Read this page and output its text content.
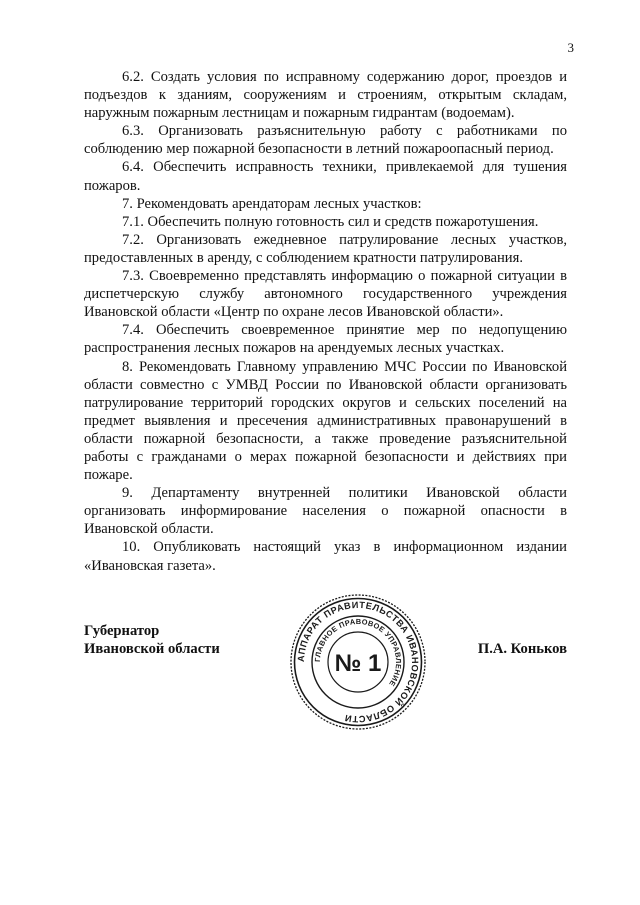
3

6.2. Создать условия по исправному содержанию дорог, проездов и подъездов к зданиям, сооружениям и строениям, открытым складам, наружным пожарным лестницам и пожарным гидрантам (водоемам).

6.3. Организовать разъяснительную работу с работниками по соблюдению мер пожарной безопасности в летний пожароопасный период.

6.4. Обеспечить исправность техники, привлекаемой для тушения пожаров.

7. Рекомендовать арендаторам лесных участков:

7.1. Обеспечить полную готовность сил и средств пожаротушения.

7.2. Организовать ежедневное патрулирование лесных участков, предоставленных в аренду, с соблюдением кратности патрулирования.

7.3. Своевременно представлять информацию о пожарной ситуации в диспетчерскую службу автономного государственного учреждения Ивановской области «Центр по охране лесов Ивановской области».

7.4. Обеспечить своевременное принятие мер по недопущению распространения лесных пожаров на арендуемых лесных участках.

8. Рекомендовать Главному управлению МЧС России по Ивановской области совместно с УМВД России по Ивановской области организовать патрулирование территорий городских округов и сельских поселений на предмет выявления и пресечения административных правонарушений в области пожарной безопасности, а также проведение разъяснительной работы с гражданами о мерах пожарной безопасности и действиях при пожаре.

9. Департаменту внутренней политики Ивановской области организовать информирование населения о пожарной опасности в Ивановской области.

10. Опубликовать настоящий указ в информационном издании «Ивановская газета».

Губернатор
Ивановской области
АППАРАТ ПРАВИТЕЛЬСТВА ИВАНОВСКОЙ ОБЛАСТИ
ГЛАВНОЕ ПРАВОВОЕ УПРАВЛЕНИЕ
№ 1
П.А. Коньков
